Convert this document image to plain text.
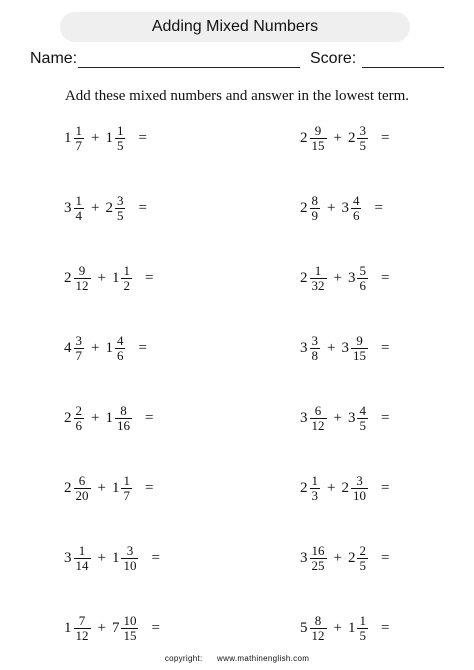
Adding Mixed Numbers
Name:	Score:
Add these mixed numbers and answer in the lowest term.
$1 \frac{1}{7} + 1 \frac{1}{5}$ =	$2 \frac{9}{15} + 2 \frac{3}{5}$ =
$3 \frac{1}{4} + 2 \frac{3}{5}$ =	$2 \frac{8}{9} + 3 \frac{4}{6}$ =
$2 \frac{9}{12} + 1 \frac{1}{2}$ =	$2 \frac{1}{32} + 3 \frac{5}{6}$ =
$4 \frac{3}{7} + 1 \frac{4}{6}$ =	$3 \frac{3}{8} + 3 \frac{9}{15}$ =
$2 \frac{2}{6} + 1 \frac{8}{16}$ =	$3 \frac{6}{12} + 3 \frac{4}{5}$ =
$2 \frac{6}{20} + 1 \frac{1}{7}$ =	$2 \frac{1}{3} + 2 \frac{3}{10}$ =
$3 \frac{1}{14} + 1 \frac{3}{10}$ =	$3 \frac{16}{25} + 2 \frac{2}{5}$ =
$1 \frac{7}{12} + 7 \frac{10}{15}$ =	$5 \frac{8}{12} + 1 \frac{1}{5}$ =
copyright: www.mathinenglish.com
